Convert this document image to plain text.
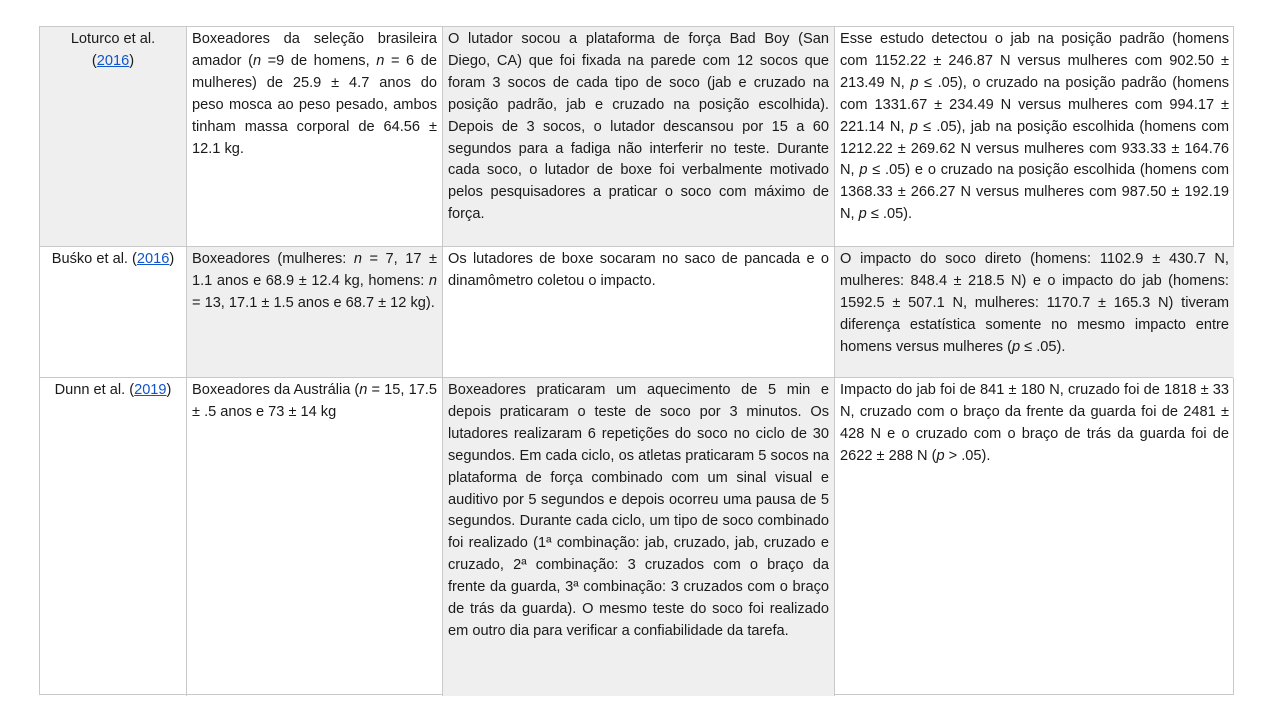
Loturco et al.
(2016)
Boxeadores da seleção brasileira amador (n =9 de homens, n = 6 de mulheres) de 25.9 ± 4.7 anos do peso mosca ao peso pesado, ambos tinham massa corporal de 64.56 ± 12.1 kg.
O lutador socou a plataforma de força Bad Boy (San Diego, CA) que foi fixada na parede com 12 socos que foram 3 socos de cada tipo de soco (jab e cruzado na posição padrão, jab e cruzado na posição escolhida). Depois de 3 socos, o lutador descansou por 15 a 60 segundos para a fadiga não interferir no teste. Durante cada soco, o lutador de boxe foi verbalmente motivado pelos pesquisadores a praticar o soco com máximo de força.
Esse estudo detectou o jab na posição padrão (homens com 1152.22 ± 246.87 N versus mulheres com 902.50 ± 213.49 N, p ≤ .05), o cruzado na posição padrão (homens com 1331.67 ± 234.49 N versus mulheres com 994.17 ± 221.14 N, p ≤ .05), jab na posição escolhida (homens com 1212.22 ± 269.62 N versus mulheres com 933.33 ± 164.76 N, p ≤ .05) e o cruzado na posição escolhida (homens com 1368.33 ± 266.27 N versus mulheres com 987.50 ± 192.19 N, p ≤ .05).
Buśko et al. (2016)	Boxeadores (mulheres: n = 7, 17 ± 1.1 anos e 68.9 ± 12.4 kg, homens: n = 13, 17.1 ± 1.5 anos e 68.7 ± 12 kg).
Os lutadores de boxe socaram no saco de pancada e o dinamômetro coletou o impacto.
O impacto do soco direto (homens: 1102.9 ± 430.7 N, mulheres: 848.4 ± 218.5 N) e o impacto do jab (homens: 1592.5 ± 507.1 N, mulheres: 1170.7 ± 165.3 N) tiveram diferença estatística somente no mesmo impacto entre homens versus mulheres (p ≤ .05).
Dunn et al. (2019)	Boxeadores da Austrália (n = 15, 17.5 ± .5 anos e 73 ± 14 kg
Boxeadores praticaram um aquecimento de 5 min e depois praticaram o teste de soco por 3 minutos. Os lutadores realizaram 6 repetições do soco no ciclo de 30 segundos. Em cada ciclo, os atletas praticaram 5 socos na plataforma de força combinado com um sinal visual e auditivo por 5 segundos e depois ocorreu uma pausa de 5 segundos. Durante cada ciclo, um tipo de soco combinado foi realizado (1ª combinação: jab, cruzado, jab, cruzado e cruzado, 2ª combinação: 3 cruzados com o braço da frente da guarda, 3ª combinação: 3 cruzados com o braço de trás da guarda). O mesmo teste do soco foi realizado em outro dia para verificar a confiabilidade da tarefa.
Impacto do jab foi de 841 ± 180 N, cruzado foi de 1818 ± 33 N, cruzado com o braço da frente da guarda foi de 2481 ± 428 N e o cruzado com o braço de trás da guarda foi de 2622 ± 288 N (p > .05).
